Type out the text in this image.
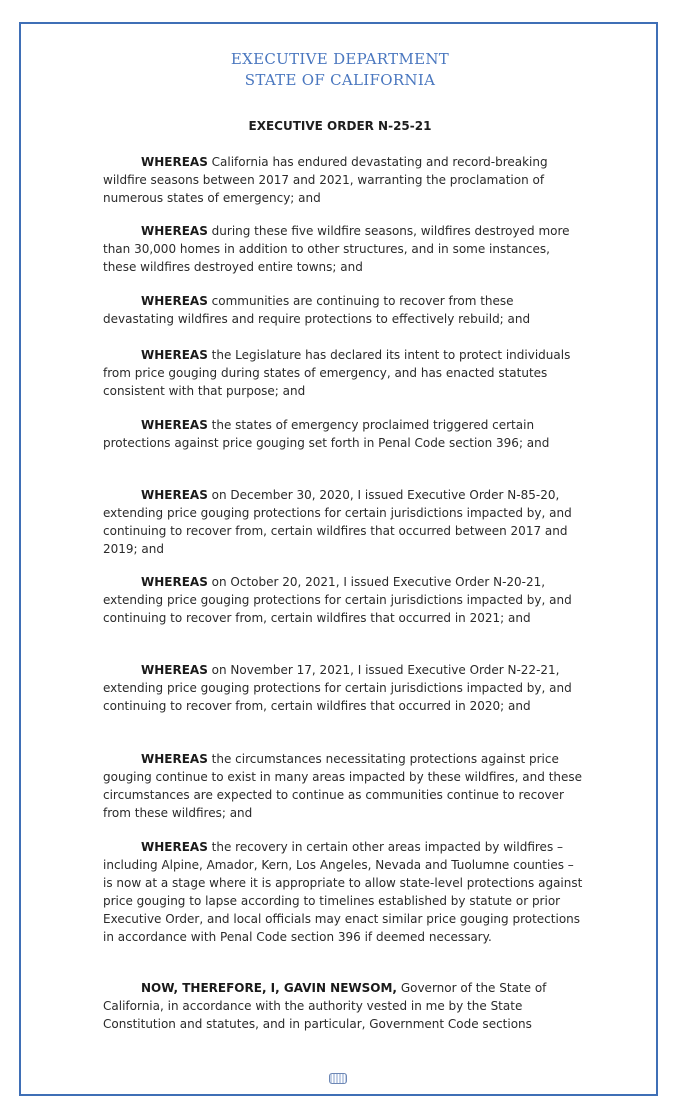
EXECUTIVE DEPARTMENT
STATE OF CALIFORNIA
EXECUTIVE ORDER N-25-21

WHEREAS California has endured devastating and record-breaking wildfire seasons between 2017 and 2021, warranting the proclamation of numerous states of emergency; and

WHEREAS during these five wildfire seasons, wildfires destroyed more than 30,000 homes in addition to other structures, and in some instances, these wildfires destroyed entire towns; and

WHEREAS communities are continuing to recover from these devastating wildfires and require protections to effectively rebuild; and

WHEREAS the Legislature has declared its intent to protect individuals from price gouging during states of emergency, and has enacted statutes consistent with that purpose; and

WHEREAS the states of emergency proclaimed triggered certain protections against price gouging set forth in Penal Code section 396; and

WHEREAS on December 30, 2020, I issued Executive Order N-85-20, extending price gouging protections for certain jurisdictions impacted by, and continuing to recover from, certain wildfires that occurred between 2017 and 2019; and

WHEREAS on October 20, 2021, I issued Executive Order N-20-21, extending price gouging protections for certain jurisdictions impacted by, and continuing to recover from, certain wildfires that occurred in 2021; and

WHEREAS on November 17, 2021, I issued Executive Order N-22-21, extending price gouging protections for certain jurisdictions impacted by, and continuing to recover from, certain wildfires that occurred in 2020; and

WHEREAS the circumstances necessitating protections against price gouging continue to exist in many areas impacted by these wildfires, and these circumstances are expected to continue as communities continue to recover from these wildfires; and

WHEREAS the recovery in certain other areas impacted by wildfires – including Alpine, Amador, Kern, Los Angeles, Nevada and Tuolumne counties – is now at a stage where it is appropriate to allow state-level protections against price gouging to lapse according to timelines established by statute or prior Executive Order, and local officials may enact similar price gouging protections in accordance with Penal Code section 396 if deemed necessary.

NOW, THEREFORE, I, GAVIN NEWSOM, Governor of the State of California, in accordance with the authority vested in me by the State Constitution and statutes, and in particular, Government Code sections
